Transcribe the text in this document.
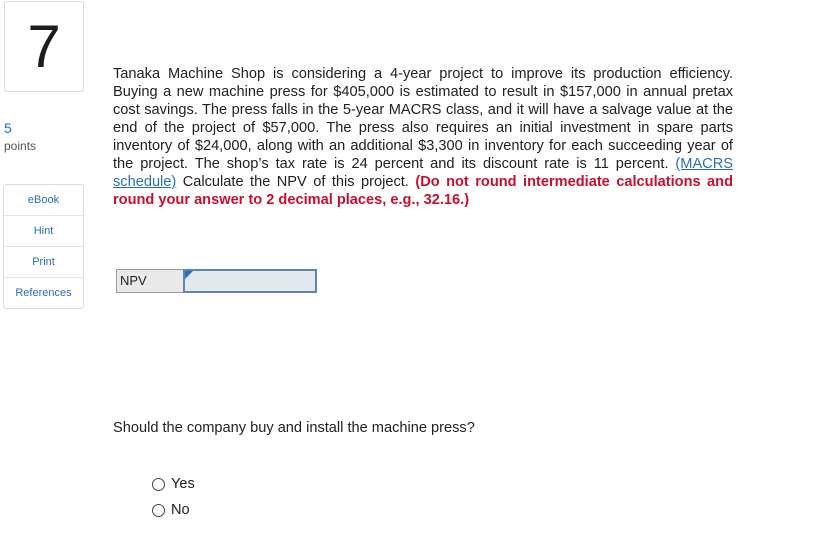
7
5
points
eBook
Hint
Print
References
Tanaka Machine Shop is considering a 4-year project to improve its production efficiency. Buying a new machine press for $405,000 is estimated to result in $157,000 in annual pretax cost savings. The press falls in the 5-year MACRS class, and it will have a salvage value at the end of the project of $57,000. The press also requires an initial investment in spare parts inventory of $24,000, along with an additional $3,300 in inventory for each succeeding year of the project. The shop’s tax rate is 24 percent and its discount rate is 11 percent. (MACRS schedule) Calculate the NPV of this project. (Do not round intermediate calculations and round your answer to 2 decimal places, e.g., 32.16.)
NPV
Should the company buy and install the machine press?
Yes
No
